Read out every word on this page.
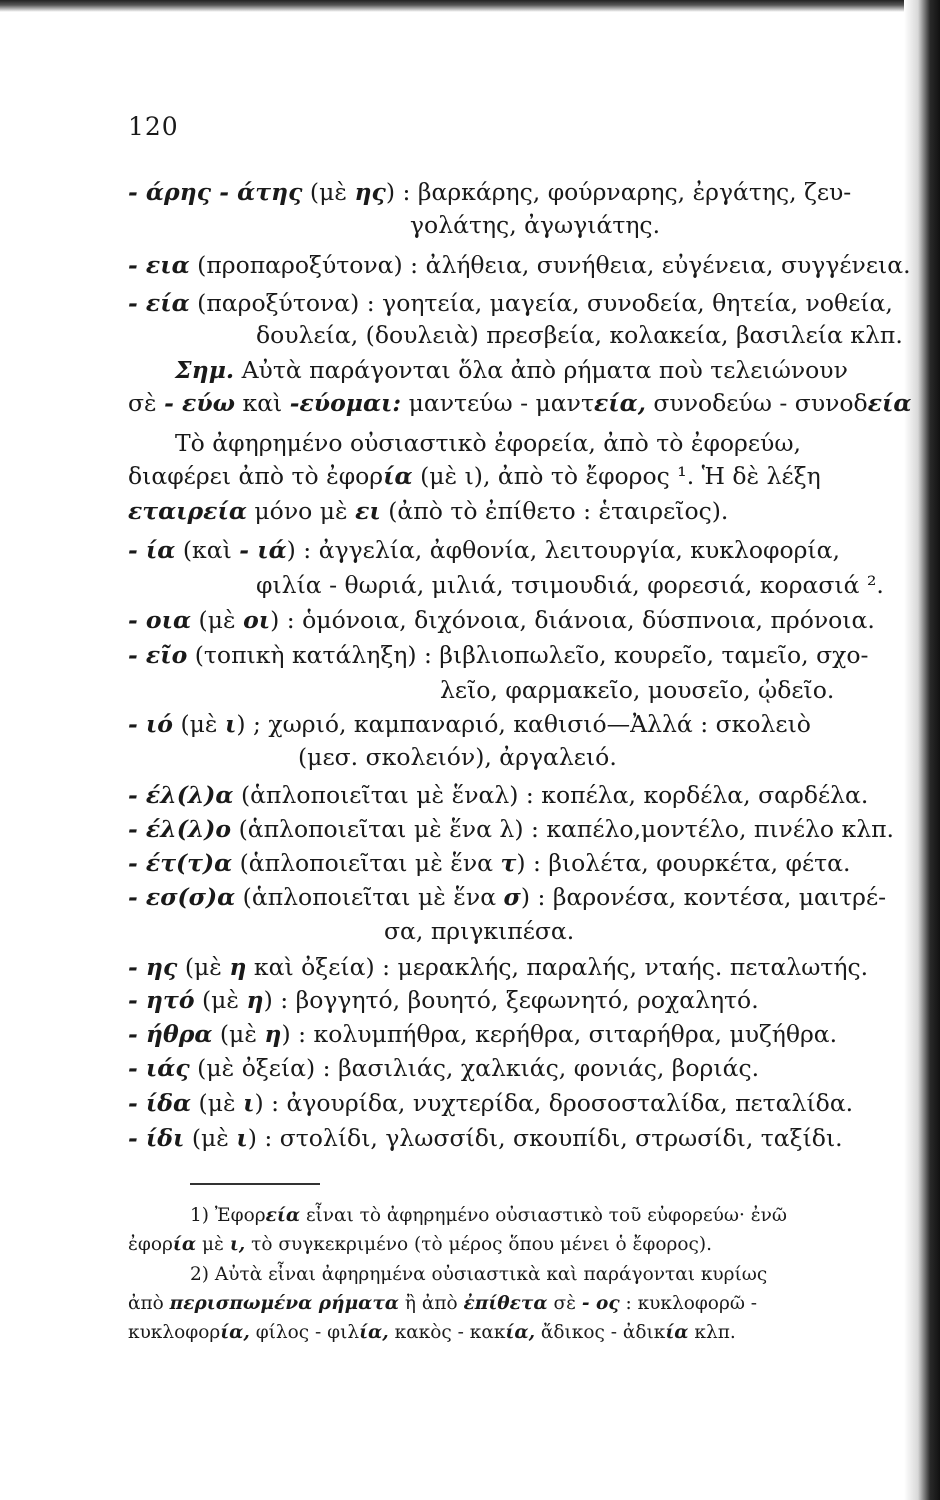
120
- άρης - άτης (μὲ ης) : βαρκάρης, φούρναρης, ἐργάτης, ζευ-
γολάτης, ἀγωγιάτης.
- εια (προπαροξύτονα) : ἀλήθεια, συνήθεια, εὐγένεια, συγγένεια.
- εία (παροξύτονα) : γοητεία, μαγεία, συνοδεία, θητεία, νοθεία,
δουλεία, (δουλειὰ) πρεσβεία, κολακεία, βασιλεία κλπ.
Σημ. Αὐτὰ παράγονται ὅλα ἀπὸ ρήματα ποὺ τελειώνουν
σὲ - εύω καὶ -εύομαι: μαντεύω - μαντεία, συνοδεύω - συνοδεία
Τὸ ἀφηρημένο οὐσιαστικὸ ἐφορεία, ἀπὸ τὸ ἐφορεύω,
διαφέρει ἀπὸ τὸ ἐφορία (μὲ ι), ἀπὸ τὸ ἔφορος ¹. Ἡ δὲ λέξη
εταιρεία μόνο μὲ ει (ἀπὸ τὸ ἐπίθετο : ἑταιρεῖος).
- ία (καὶ - ιά) : ἀγγελία, ἀφθονία, λειτουργία, κυκλοφορία,
φιλία - θωριά, μιλιά, τσιμουδιά, φορεσιά, κορασιά ².
- οια (μὲ οι) : ὁμόνοια, διχόνοια, διάνοια, δύσπνοια, πρόνοια.
- εῖο (τοπικὴ κατάληξη) : βιβλιοπωλεῖο, κουρεῖο, ταμεῖο, σχο-
λεῖο, φαρμακεῖο, μουσεῖο, ᾠδεῖο.
- ιό (μὲ ι) ; χωριό, καμπαναριό, καθισιό—Ἀλλά : σκολειὸ
(μεσ. σκολειόν), ἀργαλειό.
- έλ(λ)α (ἁπλοποιεῖται μὲ ἕναλ) : κοπέλα, κορδέλα, σαρδέλα.
- έλ(λ)ο (ἁπλοποιεῖται μὲ ἕνα λ) : καπέλο,μοντέλο, πινέλο κλπ.
- έτ(τ)α (ἁπλοποιεῖται μὲ ἕνα τ) : βιολέτα, φουρκέτα, φέτα.
- εσ(σ)α (ἁπλοποιεῖται μὲ ἕνα σ) : βαρονέσα, κοντέσα, μαιτρέ-
σα, πριγκιπέσα.
- ης (μὲ η καὶ ὀξεία) : μερακλής, παραλής, νταής. πεταλωτής.
- ητό (μὲ η) : βογγητό, βουητό, ξεφωνητό, ροχαλητό.
- ήθρα (μὲ η) : κολυμπήθρα, κερήθρα, σιταρήθρα, μυζήθρα.
- ιάς (μὲ ὀξεία) : βασιλιάς, χαλκιάς, φονιάς, βοριάς.
- ίδα (μὲ ι) : ἀγουρίδα, νυχτερίδα, δροσοσταλίδα, πεταλίδα.
- ίδι (μὲ ι) : στολίδι, γλωσσίδι, σκουπίδι, στρωσίδι, ταξίδι.
1) Ἐφορεία εἶναι τὸ ἀφηρημένο οὐσιαστικὸ τοῦ εὐφορεύω· ἐνῶ
ἐφορία μὲ ι, τὸ συγκεκριμένο (τὸ μέρος ὅπου μένει ὁ ἔφορος).
2) Αὐτὰ εἶναι ἀφηρημένα οὐσιαστικὰ καὶ παράγονται κυρίως
ἀπὸ περισπωμένα ρήματα ἢ ἀπὸ ἐπίθετα σὲ - ος : κυκλοφορῶ -
κυκλοφορία, φίλος - φιλία, κακὸς - κακία, ἄδικος - ἀδικία κλπ.
